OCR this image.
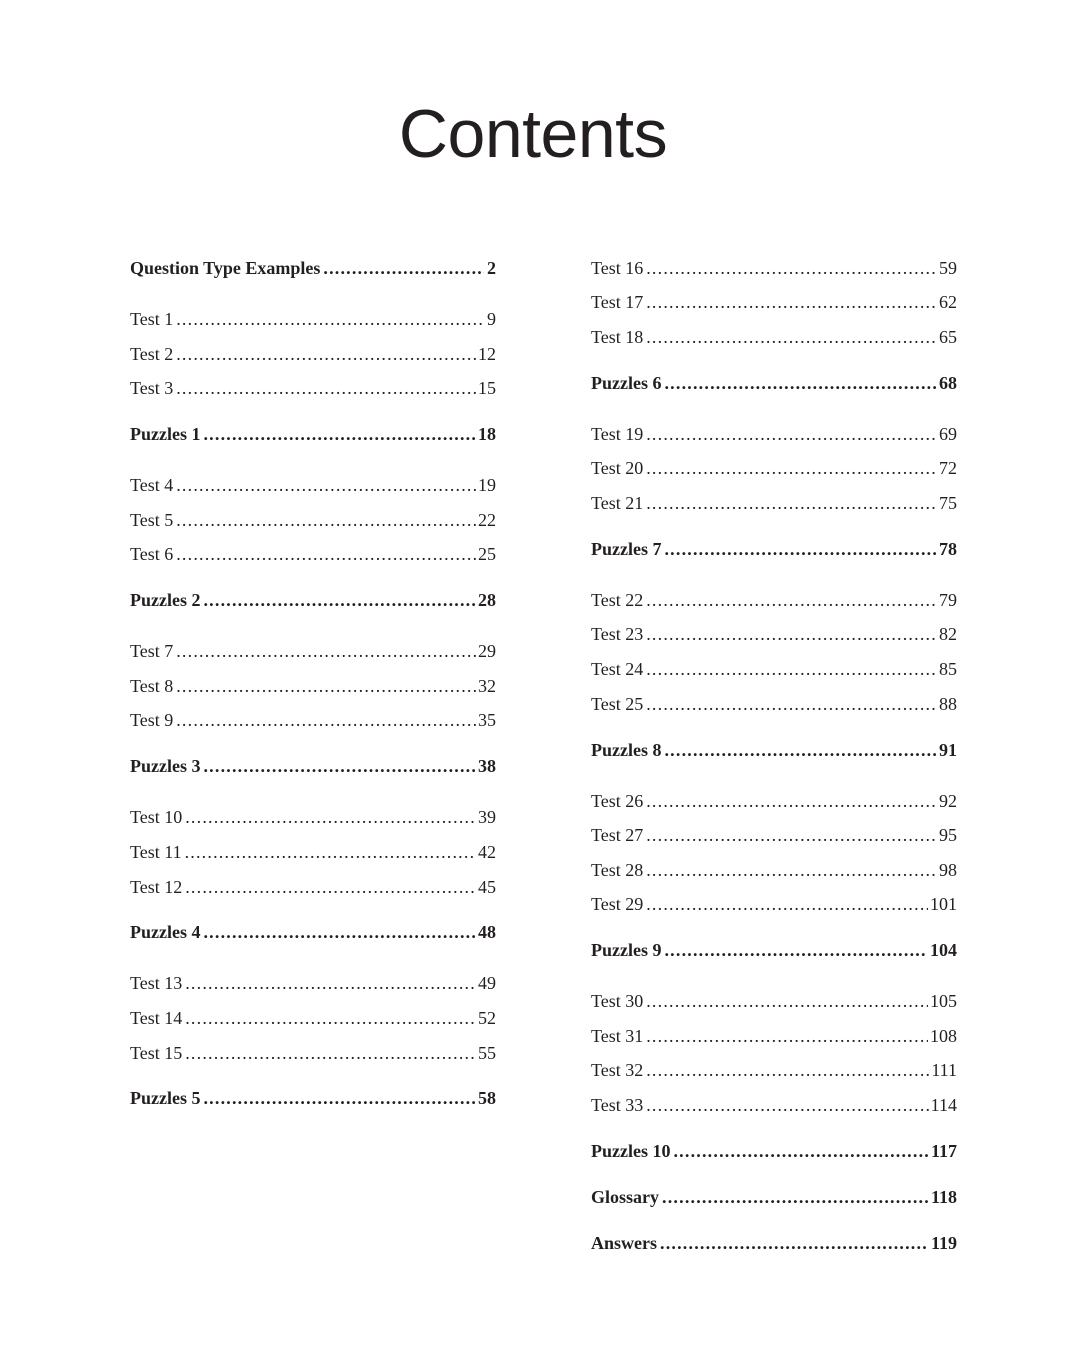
Contents
Question Type Examples .....	2
Test 1 .....	9
Test 2 .....	12
Test 3 .....	15
Puzzles 1 .....	18
Test 4 .....	19
Test 5 .....	22
Test 6 .....	25
Puzzles 2 .....	28
Test 7 .....	29
Test 8 .....	32
Test 9 .....	35
Puzzles 3 .....	38
Test 10 .....	39
Test 11 .....	42
Test 12 .....	45
Puzzles 4 .....	48
Test 13 .....	49
Test 14 .....	52
Test 15 .....	55
Puzzles 5 .....	58
Test 16 .....	59
Test 17 .....	62
Test 18 .....	65
Puzzles 6 .....	68
Test 19 .....	69
Test 20 .....	72
Test 21 .....	75
Puzzles 7 .....	78
Test 22 .....	79
Test 23 .....	82
Test 24 .....	85
Test 25 .....	88
Puzzles 8 .....	91
Test 26 .....	92
Test 27 .....	95
Test 28 .....	98
Test 29 .....	101
Puzzles 9 .....	104
Test 30 .....	105
Test 31 .....	108
Test 32 .....	111
Test 33 .....	114
Puzzles 10 .....	117
Glossary .....	118
Answers .....	119
